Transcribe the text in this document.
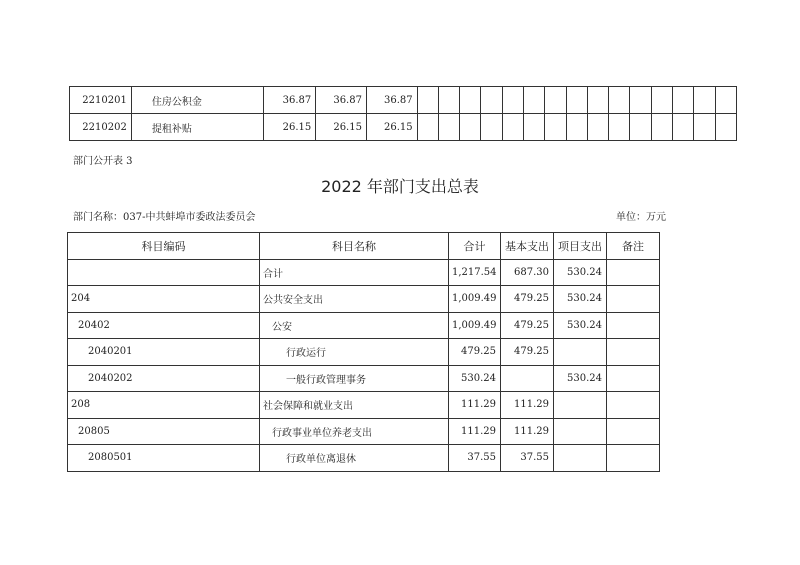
2210201	住房公积金	36.87	36.87	36.87															
2210202	提租补贴	26.15	26.15	26.15															
部门公开表 3
2022 年部门支出总表
部门名称：037-中共蚌埠市委政法委员会	单位：万元
科目编码	科目名称	合计	基本支出	项目支出	备注
	合计	1,217.54	687.30	530.24	
204	公共安全支出	1,009.49	479.25	530.24	
20402	公安	1,009.49	479.25	530.24	
2040201	行政运行	479.25	479.25		
2040202	一般行政管理事务	530.24		530.24	
208	社会保障和就业支出	111.29	111.29		
20805	行政事业单位养老支出	111.29	111.29		
2080501	行政单位离退休	37.55	37.55		
